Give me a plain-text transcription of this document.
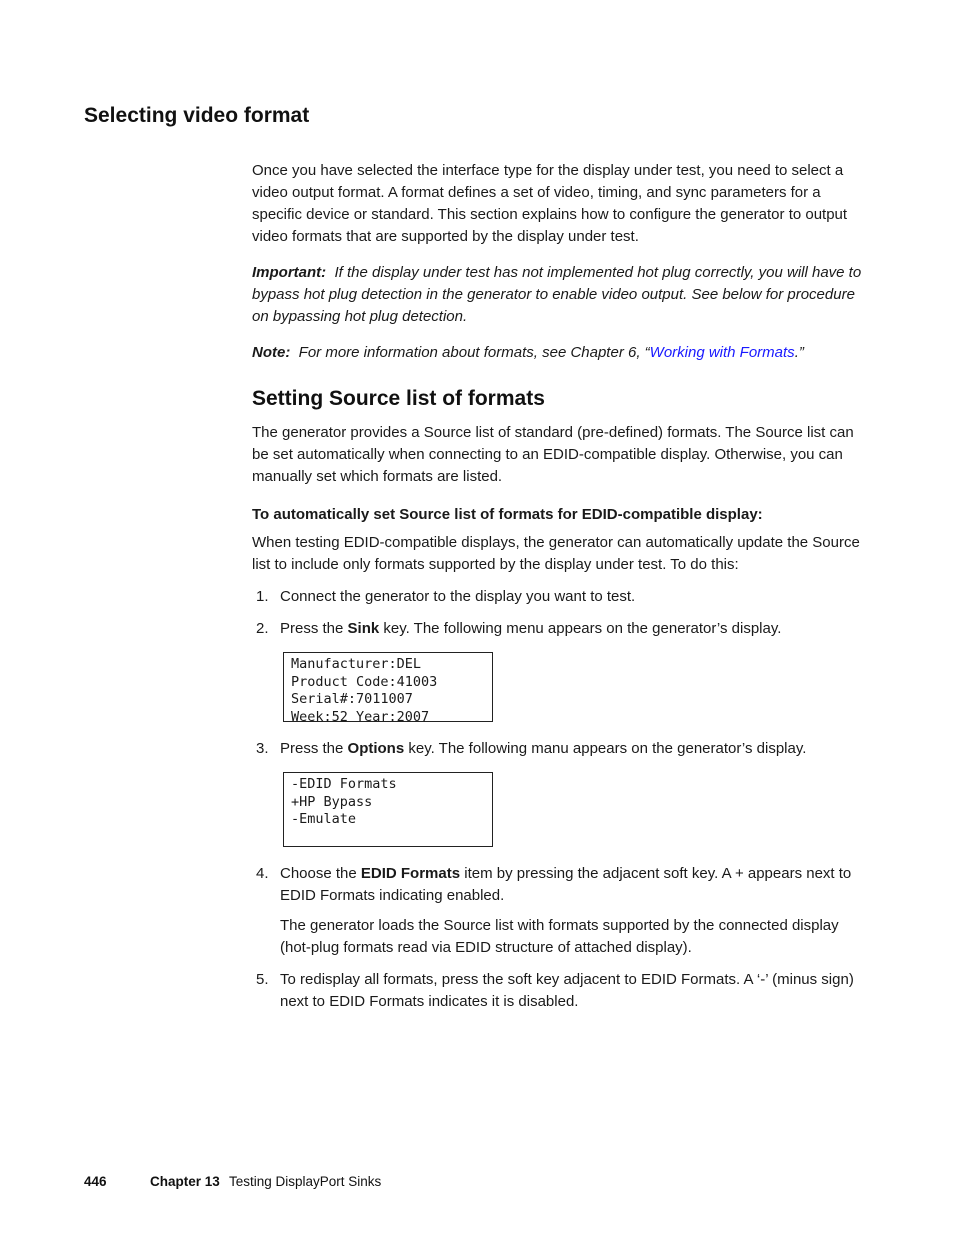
Selecting video format

Once you have selected the interface type for the display under test, you need to select a video output format. A format defines a set of video, timing, and sync parameters for a specific device or standard. This section explains how to configure the generator to output video formats that are supported by the display under test.

Important: If the display under test has not implemented hot plug correctly, you will have to bypass hot plug detection in the generator to enable video output. See below for procedure on bypassing hot plug detection.

Note: For more information about formats, see Chapter 6, “Working with Formats.”

Setting Source list of formats

The generator provides a Source list of standard (pre-defined) formats. The Source list can be set automatically when connecting to an EDID-compatible display. Otherwise, you can manually set which formats are listed.

To automatically set Source list of formats for EDID-compatible display:

When testing EDID-compatible displays, the generator can automatically update the Source list to include only formats supported by the display under test. To do this:

1. Connect the generator to the display you want to test.
2. Press the Sink key. The following menu appears on the generator’s display.
Manufacturer:DEL
Product Code:41003
Serial#:7011007
Week:52 Year:2007
3. Press the Options key. The following manu appears on the generator’s display.
-EDID Formats
+HP Bypass
-Emulate
4. Choose the EDID Formats item by pressing the adjacent soft key. A + appears next to EDID Formats indicating enabled.

The generator loads the Source list with formats supported by the connected display (hot-plug formats read via EDID structure of attached display).

5. To redisplay all formats, press the soft key adjacent to EDID Formats. A ‘-’ (minus sign) next to EDID Formats indicates it is disabled.
446	Chapter 13 Testing DisplayPort Sinks
